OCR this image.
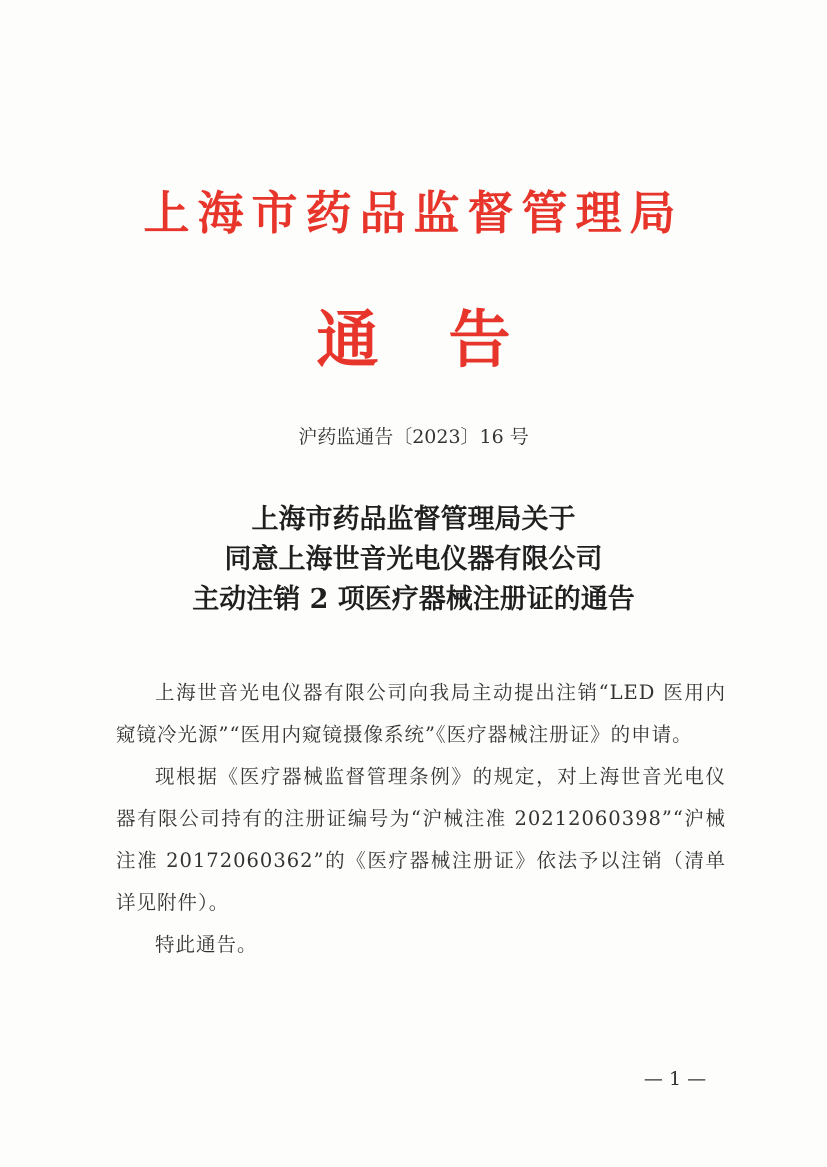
上海市药品监督管理局
通告
沪药监通告〔2023〕16 号
上海市药品监督管理局关于
同意上海世音光电仪器有限公司
主动注销 2 项医疗器械注册证的通告

上海世音光电仪器有限公司向我局主动提出注销“LED 医用内窥镜冷光源”“医用内窥镜摄像系统”《医疗器械注册证》的申请。

现根据《医疗器械监督管理条例》的规定，对上海世音光电仪器有限公司持有的注册证编号为“沪械注准 20212060398”“沪械注准 20172060362”的《医疗器械注册证》依法予以注销（清单详见附件）。

特此通告。

— 1 —
